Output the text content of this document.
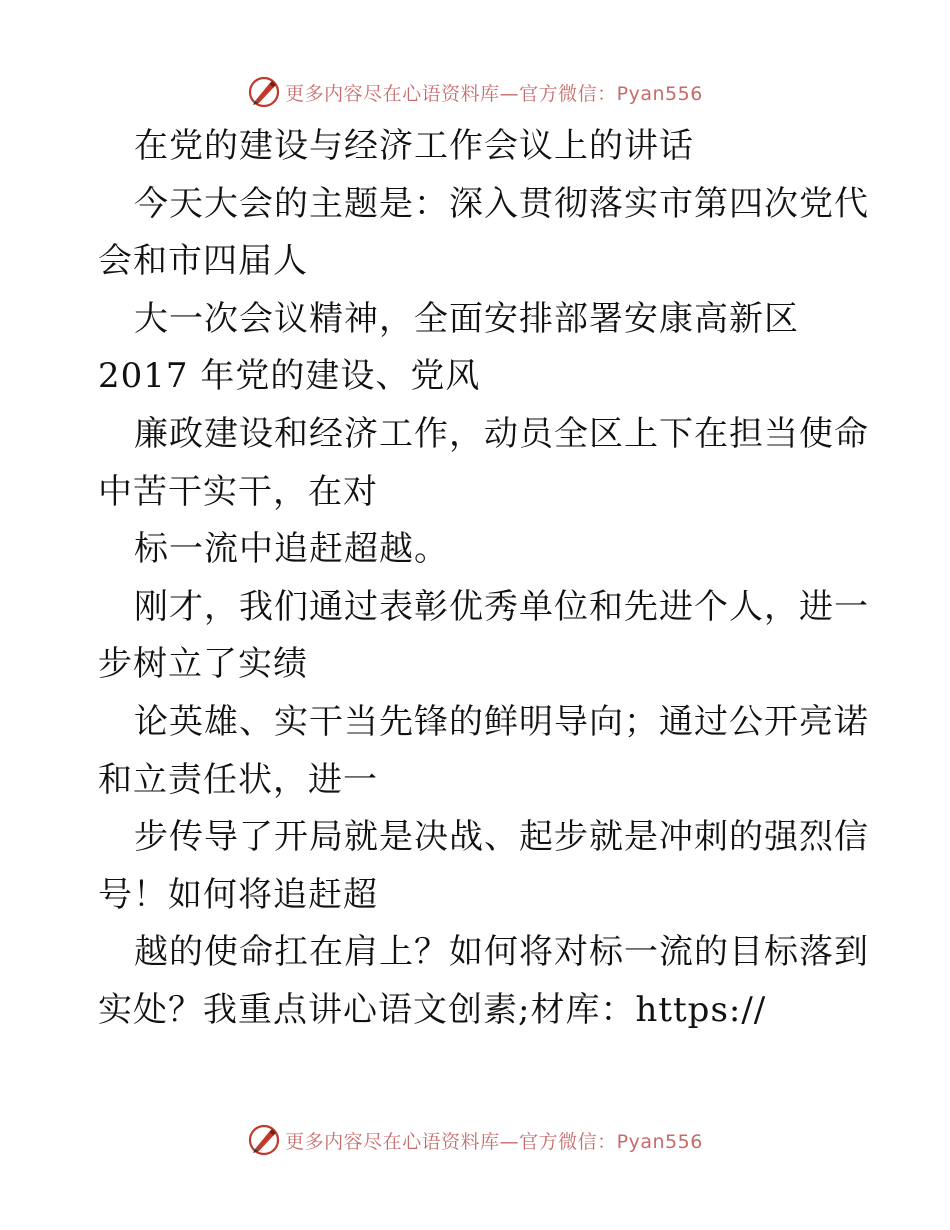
更多内容尽在心语资料库—官方微信：Pyan556
在党的建设与经济工作会议上的讲话
今天大会的主题是：深入贯彻落实市第四次党代
会和市四届人
大一次会议精神，全面安排部署安康高新区
2017 年党的建设、党风
廉政建设和经济工作，动员全区上下在担当使命
中苦干实干，在对
标一流中追赶超越。
刚才，我们通过表彰优秀单位和先进个人，进一
步树立了实绩
论英雄、实干当先锋的鲜明导向；通过公开亮诺
和立责任状，进一
步传导了开局就是决战、起步就是冲刺的强烈信
号！如何将追赶超
越的使命扛在肩上？如何将对标一流的目标落到
实处？我重点讲心语文创素;材库：https://
更多内容尽在心语资料库—官方微信：Pyan556
